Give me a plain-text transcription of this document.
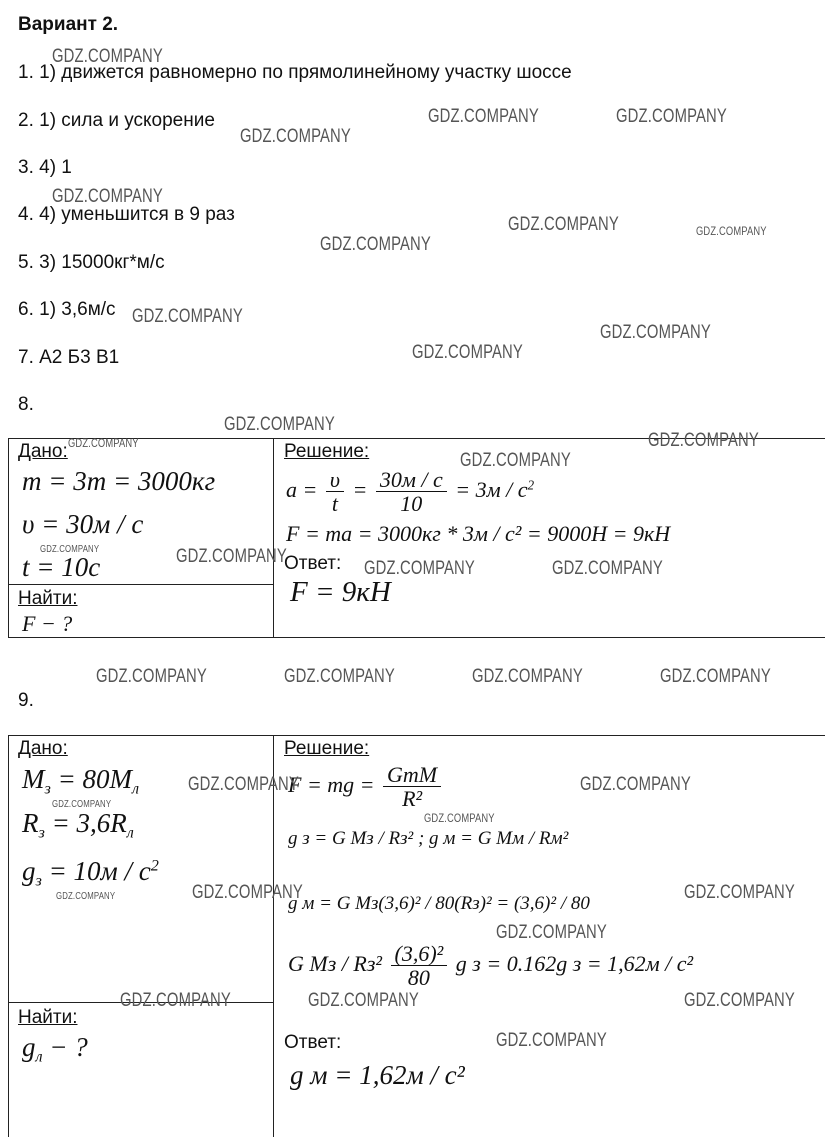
Вариант 2.
1. 1) движется равномерно по прямолинейному участку шоссе
2. 1) сила и ускорение
3. 4) 1
4. 4) уменьшится в 9 раз
5. 3) 15000кг*м/с
6. 1) 3,6м/с
7. А2 Б3 В1
8.
Дано:
m = 3т = 3000кг
υ = 30м / с
t = 10с
Найти:
F − ?
Решение:
$a = \frac{\upsilon}{t} = \frac{30м / с}{10} = 3м / с^2$
F = ma = 3000кг * 3м / с² = 9000Н = 9кН
Ответ:
F = 9кН
9.
Дано:
$M_з = 80M_л$
$R_з = 3,6R_л$
$g_з = 10м / с^2$
Найти:
$g_л$ − ?
Решение:
F = mg = $\frac{\text{GmM}}{\text{R²}}$
g з = G Mз / Rз² ; g м = G Mм / Rм²
g м = G Mз(3,6)² / 80(Rз)² = (3,6)² / 80
G Mз / $Rз^2 \frac{\text{(3,6)²}}{80}$ g з = 0.162g з = 1,62м / с²
Ответ:
g м = 1,62м / с²
GDZ.COMPANY
GDZ.COMPANY	GDZ.COMPANY
GDZ.COMPANY
GDZ.COMPANY
GDZ.COMPANY	GDZ.COMPANY
GDZ.COMPANY
GDZ.COMPANY
GDZ.COMPANY
GDZ.COMPANY
GDZ.COMPANY
GDZ.COMPANY	GDZ.COMPANY
GDZ.COMPANY
GDZ.COMPANY	GDZ.COMPANY
GDZ.COMPANY	GDZ.COMPANY
GDZ.COMPANY	GDZ.COMPANY	GDZ.COMPANY	GDZ.COMPANY
GDZ.COMPANY	GDZ.COMPANY
GDZ.COMPANY
GDZ.COMPANY
GDZ.COMPANY	GDZ.COMPANY	GDZ.COMPANY
GDZ.COMPANY
GDZ.COMPANY	GDZ.COMPANY	GDZ.COMPANY
GDZ.COMPANY
